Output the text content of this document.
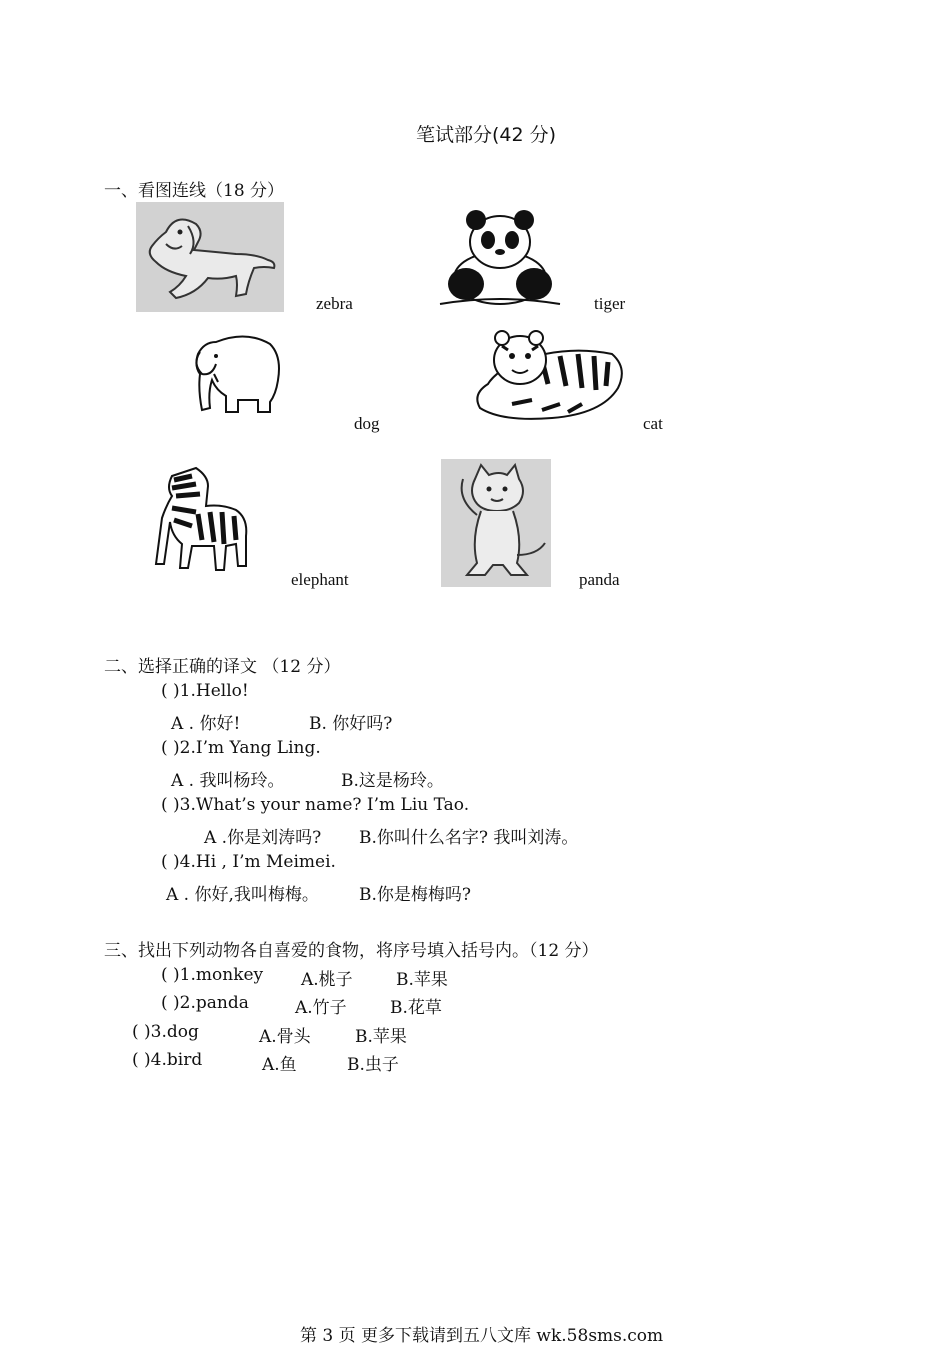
笔试部分(42 分)
一、看图连线（18 分）
zebra	tiger
dog	cat
elephant	panda
二、选择正确的译文 （12 分）
( )1.Hello!
A . 你好!	B. 你好吗?
( )2.I’m Yang Ling.
A . 我叫杨玲。	B.这是杨玲。
( )3.What’s your name? I’m Liu Tao.
A .你是刘涛吗? B.你叫什么名字? 我叫刘涛。
( )4.Hi , I’m Meimei.
A . 你好,我叫梅梅。 B.你是梅梅吗?
三、找出下列动物各自喜爱的食物，将序号填入括号内。（12 分）
( )1.monkey A.桃子	B.苹果
( )2.panda	A.竹子	B.花草
( )3.dog	A.骨头	B.苹果
( )4.bird	A.鱼	B.虫子
第 3 页 更多下载请到五八文库 wk.58sms.com
